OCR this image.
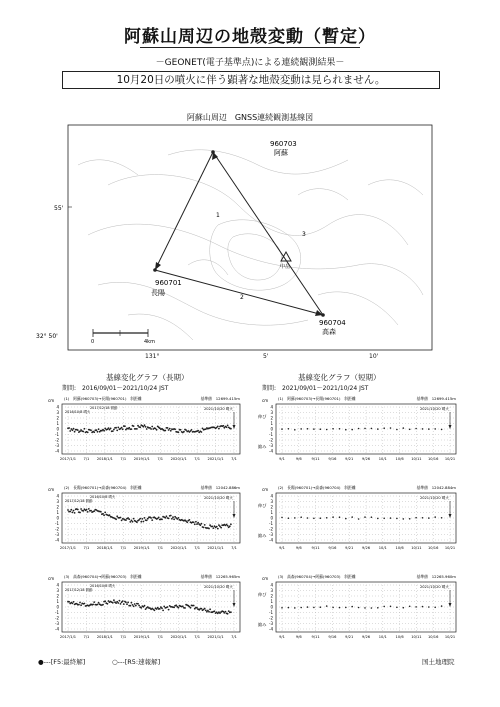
阿蘇山周辺の地殻変動（暫定）
－GEONET(電子基準点)による連続観測結果－
10月20日の噴火に伴う顕著な地殻変動は見られません。
阿蘇山周辺　GNSS連続観測基線図
960703
阿蘇
960701
長陽
960704
高森
1
2
3
中岳
55'
32° 50'
0	4km
131°	5'	10'
基線変化グラフ（長期）
期間:　2016/09/01～2021/10/24 JST
基線変化グラフ（短期）
期間:　2021/09/01～2021/10/24 JST
4
3
2
1
0
-1
-2
-3
-4
cm
2017/1/1 7/1 2018/1/1 7/1 2019/1/1 7/1 2020/1/1 7/1 2021/1/1 7/1
(1)　阿蘇(960703)→長陽(960701)　斜距離	基準値　12699.415m
2021/10/20 噴火
2016/10/8 噴火
2017/12/18 微動	4
3
2
1
0
-1
-2
-3
-4
cm
9/1	9/6	9/11 9/16 9/21 9/26 10/1 10/6 10/11 10/16 10/21
(1)　阿蘇(960703)→長陽(960701)　斜距離	基準値　12699.415m
2021/10/20 噴火
伸び
縮み
4
3
2
1
0
-1
-2
-3
-4
cm
2017/1/1 7/1 2018/1/1 7/1 2019/1/1 7/1 2020/1/1 7/1 2021/1/1 7/1
(2)　長陽(960701)→高森(960704)　斜距離	基準値　12042.886m
2021/10/20 噴火
2017/12/18 微動
2016/10/8 噴火	4
3
2
1
0
-1
-2
-3
-4
cm
9/1	9/6	9/11 9/16 9/21 9/26 10/1 10/6 10/11 10/16 10/21
(2)　長陽(960701)→高森(960704)　斜距離	基準値　12042.884m
2021/10/20 噴火
伸び
縮み
4
3
2
1
0
-1
-2
-3
-4
cm
2017/1/1 7/1 2018/1/1 7/1 2019/1/1 7/1 2020/1/1 7/1 2021/1/1 7/1
(3)　高森(960704)→阿蘇(960703)　斜距離	基準値　12265.965m
2021/10/20 噴火
2017/12/18 微動
2016/10/8 噴火	4
3
2
1
0
-1
-2
-3
-4
cm
9/1	9/6	9/11 9/16 9/21 9/26 10/1 10/6 10/11 10/16 10/21
(3)　高森(960704)→阿蘇(960703)　斜距離	基準値　12265.960m
2021/10/20 噴火
伸び
縮み
●---[F5:最終解]	○---[R5:速報解]	国土地理院
